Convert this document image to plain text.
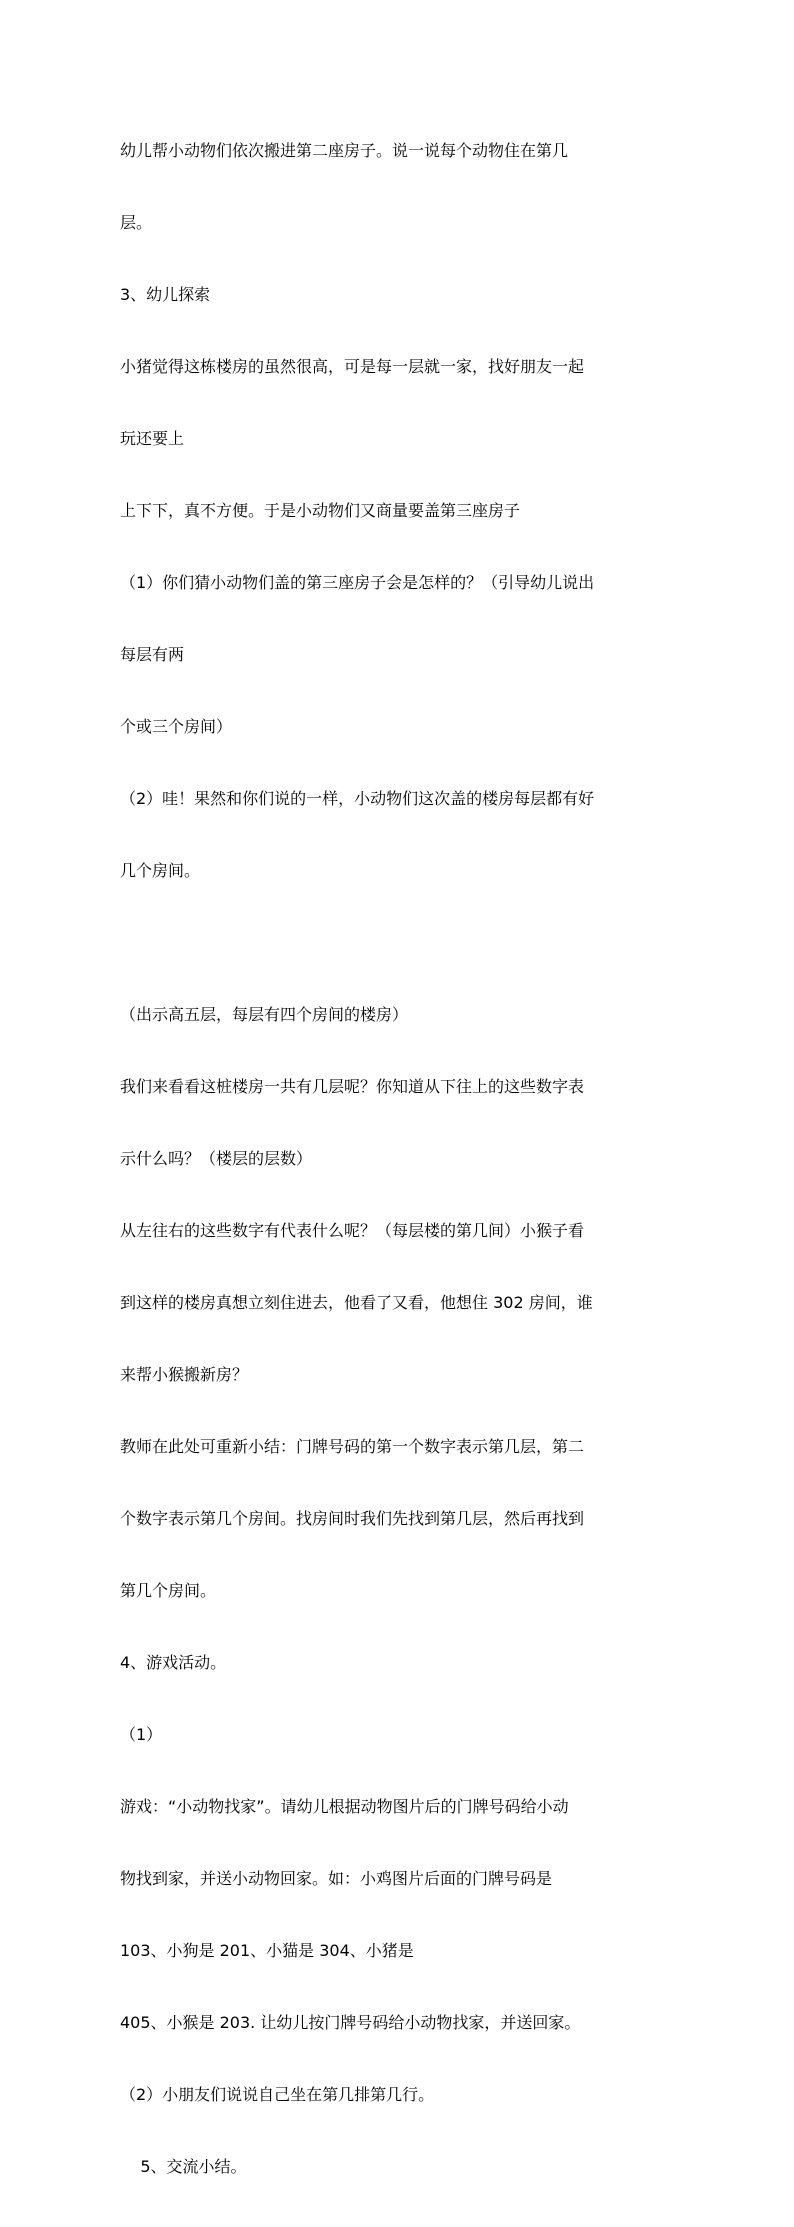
幼儿帮小动物们依次搬进第二座房子。说一说每个动物住在第几

层。

3、幼儿探索

小猪觉得这栋楼房的虽然很高，可是每一层就一家，找好朋友一起

玩还要上

上下下，真不方便。于是小动物们又商量要盖第三座房子

（1）你们猜小动物们盖的第三座房子会是怎样的？（引导幼儿说出

每层有两

个或三个房间）

（2）哇！果然和你们说的一样，小动物们这次盖的楼房每层都有好

几个房间。

（出示高五层，每层有四个房间的楼房）

我们来看看这桩楼房一共有几层呢？你知道从下往上的这些数字表

示什么吗？（楼层的层数）

从左往右的这些数字有代表什么呢？（每层楼的第几间）小猴子看

到这样的楼房真想立刻住进去，他看了又看，他想住 302 房间，谁

来帮小猴搬新房？

教师在此处可重新小结：门牌号码的第一个数字表示第几层，第二

个数字表示第几个房间。找房间时我们先找到第几层，然后再找到

第几个房间。

4、游戏活动。

（1）

游戏：“小动物找家”。请幼儿根据动物图片后的门牌号码给小动

物找到家，并送小动物回家。如：小鸡图片后面的门牌号码是

103、小狗是 201、小猫是 304、小猪是

405、小猴是 203. 让幼儿按门牌号码给小动物找家，并送回家。

（2）小朋友们说说自己坐在第几排第几行。

5、交流小结。
